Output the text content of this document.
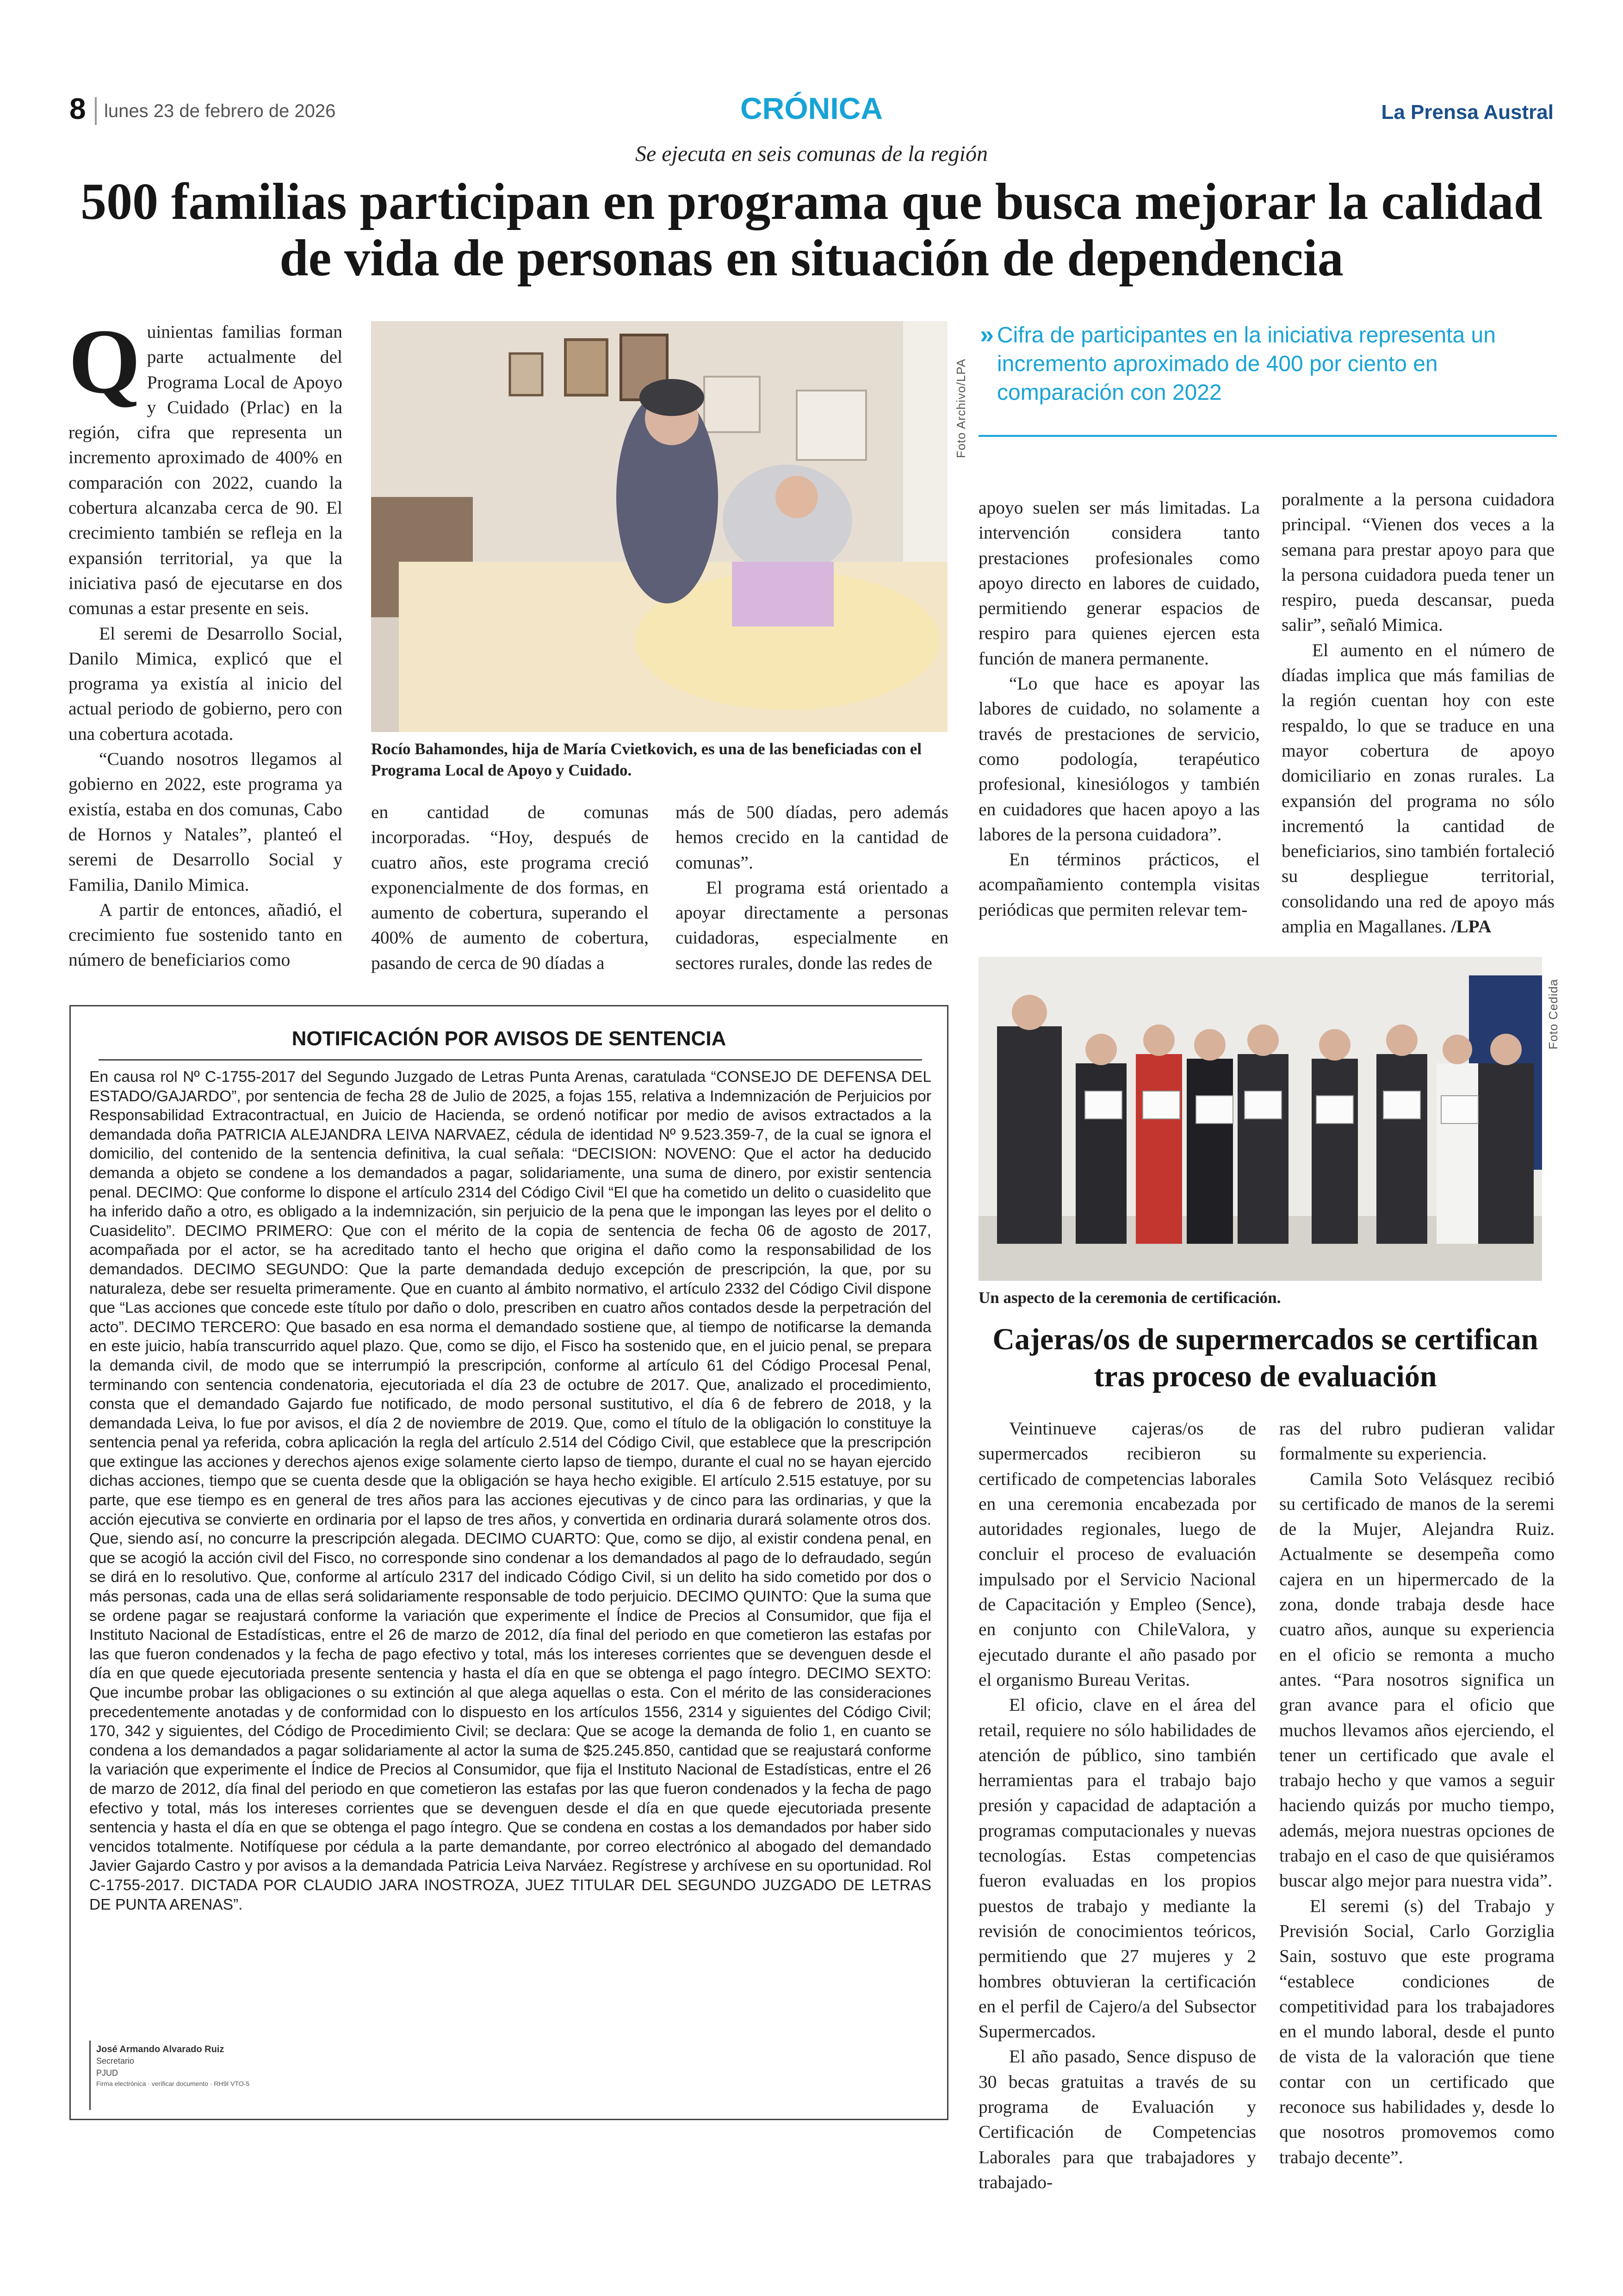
8 lunes 23 de febrero de 2026	CRÓNICA	La Prensa Austral
Se ejecuta en seis comunas de la región
500 familias participan en programa que busca mejorar la calidad de vida de personas en situación de dependencia

Quinientas familias forman parte actualmente del Programa Local de Apoyo y Cuidado (Prlac) en la región, cifra que representa un incremento aproximado de 400% en comparación con 2022, cuando la cobertura alcanzaba cerca de 90. El crecimiento también se refleja en la expansión territorial, ya que la iniciativa pasó de ejecutarse en dos comunas a estar presente en seis.

El seremi de Desarrollo Social, Danilo Mimica, explicó que el programa ya existía al inicio del actual periodo de gobierno, pero con una cobertura acotada.

“Cuando nosotros llegamos al gobierno en 2022, este programa ya existía, estaba en dos comunas, Cabo de Hornos y Natales”, planteó el seremi de Desarrollo Social y Familia, Danilo Mimica.

A partir de entonces, añadió, el crecimiento fue sostenido tanto en número de beneficiarios como

Foto Archivo/LPA
Rocío Bahamondes, hija de María Cvietkovich, es una de las beneficiadas con el Programa Local de Apoyo y Cuidado.

en cantidad de comunas incorporadas. “Hoy, después de cuatro años, este programa creció exponencialmente de dos formas, en aumento de cobertura, superando el 400% de aumento de cobertura, pasando de cerca de 90 díadas a

más de 500 díadas, pero además hemos crecido en la cantidad de comunas”.

El programa está orientado a apoyar directamente a personas cuidadoras, especialmente en sectores rurales, donde las redes de

» Cifra de participantes en la iniciativa representa un incremento aproximado de 400 por ciento en comparación con 2022

apoyo suelen ser más limitadas. La intervención considera tanto prestaciones profesionales como apoyo directo en labores de cuidado, permitiendo generar espacios de respiro para quienes ejercen esta función de manera permanente.

“Lo que hace es apoyar las labores de cuidado, no solamente a través de prestaciones de servicio, como podología, terapéutico profesional, kinesiólogos y también en cuidadores que hacen apoyo a las labores de la persona cuidadora”.

En términos prácticos, el acompañamiento contempla visitas periódicas que permiten relevar tem-

poralmente a la persona cuidadora principal. “Vienen dos veces a la semana para prestar apoyo para que la persona cuidadora pueda tener un respiro, pueda descansar, pueda salir”, señaló Mimica.

El aumento en el número de díadas implica que más familias de la región cuentan hoy con este respaldo, lo que se traduce en una mayor cobertura de apoyo domiciliario en zonas rurales. La expansión del programa no sólo incrementó la cantidad de beneficiarios, sino también fortaleció su despliegue territorial, consolidando una red de apoyo más amplia en Magallanes. /LPA

NOTIFICACIÓN POR AVISOS DE SENTENCIA
En causa rol Nº C-1755-2017 del Segundo Juzgado de Letras Punta Arenas, caratulada “CONSEJO DE DEFENSA DEL ESTADO/GAJARDO”, por sentencia de fecha 28 de Julio de 2025, a fojas 155, relativa a Indemnización de Perjuicios por Responsabilidad Extracontractual, en Juicio de Hacienda, se ordenó notificar por medio de avisos extractados a la demandada doña PATRICIA ALEJANDRA LEIVA NARVAEZ, cédula de identidad Nº 9.523.359-7, de la cual se ignora el domicilio, del contenido de la sentencia definitiva, la cual señala: “DECISION: NOVENO: Que el actor ha deducido demanda a objeto se condene a los demandados a pagar, solidariamente, una suma de dinero, por existir sentencia penal. DECIMO: Que conforme lo dispone el artículo 2314 del Código Civil “El que ha cometido un delito o cuasidelito que ha inferido daño a otro, es obligado a la indemnización, sin perjuicio de la pena que le impongan las leyes por el delito o Cuasidelito”. DECIMO PRIMERO: Que con el mérito de la copia de sentencia de fecha 06 de agosto de 2017, acompañada por el actor, se ha acreditado tanto el hecho que origina el daño como la responsabilidad de los demandados. DECIMO SEGUNDO: Que la parte demandada dedujo excepción de prescripción, la que, por su naturaleza, debe ser resuelta primeramente. Que en cuanto al ámbito normativo, el artículo 2332 del Código Civil dispone que “Las acciones que concede este título por daño o dolo, prescriben en cuatro años contados desde la perpetración del acto”. DECIMO TERCERO: Que basado en esa norma el demandado sostiene que, al tiempo de notificarse la demanda en este juicio, había transcurrido aquel plazo. Que, como se dijo, el Fisco ha sostenido que, en el juicio penal, se prepara la demanda civil, de modo que se interrumpió la prescripción, conforme al artículo 61 del Código Procesal Penal, terminando con sentencia condenatoria, ejecutoriada el día 23 de octubre de 2017. Que, analizado el procedimiento, consta que el demandado Gajardo fue notificado, de modo personal sustitutivo, el día 6 de febrero de 2018, y la demandada Leiva, lo fue por avisos, el día 2 de noviembre de 2019. Que, como el título de la obligación lo constituye la sentencia penal ya referida, cobra aplicación la regla del artículo 2.514 del Código Civil, que establece que la prescripción que extingue las acciones y derechos ajenos exige solamente cierto lapso de tiempo, durante el cual no se hayan ejercido dichas acciones, tiempo que se cuenta desde que la obligación se haya hecho exigible. El artículo 2.515 estatuye, por su parte, que ese tiempo es en general de tres años para las acciones ejecutivas y de cinco para las ordinarias, y que la acción ejecutiva se convierte en ordinaria por el lapso de tres años, y convertida en ordinaria durará solamente otros dos. Que, siendo así, no concurre la prescripción alegada. DECIMO CUARTO: Que, como se dijo, al existir condena penal, en que se acogió la acción civil del Fisco, no corresponde sino condenar a los demandados al pago de lo defraudado, según se dirá en lo resolutivo. Que, conforme al artículo 2317 del indicado Código Civil, si un delito ha sido cometido por dos o más personas, cada una de ellas será solidariamente responsable de todo perjuicio. DECIMO QUINTO: Que la suma que se ordene pagar se reajustará conforme la variación que experimente el Índice de Precios al Consumidor, que fija el Instituto Nacional de Estadísticas, entre el 26 de marzo de 2012, día final del periodo en que cometieron las estafas por las que fueron condenados y la fecha de pago efectivo y total, más los intereses corrientes que se devenguen desde el día en que quede ejecutoriada presente sentencia y hasta el día en que se obtenga el pago íntegro. DECIMO SEXTO: Que incumbe probar las obligaciones o su extinción al que alega aquellas o esta. Con el mérito de las consideraciones precedentemente anotadas y de conformidad con lo dispuesto en los artículos 1556, 2314 y siguientes del Código Civil; 170, 342 y siguientes, del Código de Procedimiento Civil; se declara: Que se acoge la demanda de folio 1, en cuanto se condena a los demandados a pagar solidariamente al actor la suma de $25.245.850, cantidad que se reajustará conforme la variación que experimente el Índice de Precios al Consumidor, que fija el Instituto Nacional de Estadísticas, entre el 26 de marzo de 2012, día final del periodo en que cometieron las estafas por las que fueron condenados y la fecha de pago efectivo y total, más los intereses corrientes que se devenguen desde el día en que quede ejecutoriada presente sentencia y hasta el día en que se obtenga el pago íntegro. Que se condena en costas a los demandados por haber sido vencidos totalmente. Notifíquese por cédula a la parte demandante, por correo electrónico al abogado del demandado Javier Gajardo Castro y por avisos a la demandada Patricia Leiva Narváez. Regístrese y archívese en su oportunidad. Rol C-1755-2017. DICTADA POR CLAUDIO JARA INOSTROZA, JUEZ TITULAR DEL SEGUNDO JUZGADO DE LETRAS DE PUNTA ARENAS”.
José Armando Alvarado Ruiz
Secretario
PJUD
Firma electrónica · verificar documento · RH9I VTO-5
Foto Cedida
Un aspecto de la ceremonia de certificación.
Cajeras/os de supermercados se certifican tras proceso de evaluación

Veintinueve cajeras/os de supermercados recibieron su certificado de competencias laborales en una ceremonia encabezada por autoridades regionales, luego de concluir el proceso de evaluación impulsado por el Servicio Nacional de Capacitación y Empleo (Sence), en conjunto con ChileValora, y ejecutado durante el año pasado por el organismo Bureau Veritas.

El oficio, clave en el área del retail, requiere no sólo habilidades de atención de público, sino también herramientas para el trabajo bajo presión y capacidad de adaptación a programas computacionales y nuevas tecnologías. Estas competencias fueron evaluadas en los propios puestos de trabajo y mediante la revisión de conocimientos teóricos, permitiendo que 27 mujeres y 2 hombres obtuvieran la certificación en el perfil de Cajero/a del Subsector Supermercados.

El año pasado, Sence dispuso de 30 becas gratuitas a través de su programa de Evaluación y Certificación de Competencias Laborales para que trabajadores y trabajado-

ras del rubro pudieran validar formalmente su experiencia.

Camila Soto Velásquez recibió su certificado de manos de la seremi de la Mujer, Alejandra Ruiz. Actualmente se desempeña como cajera en un hipermercado de la zona, donde trabaja desde hace cuatro años, aunque su experiencia en el oficio se remonta a mucho antes. “Para nosotros significa un gran avance para el oficio que muchos llevamos años ejerciendo, el tener un certificado que avale el trabajo hecho y que vamos a seguir haciendo quizás por mucho tiempo, además, mejora nuestras opciones de trabajo en el caso de que quisiéramos buscar algo mejor para nuestra vida”.

El seremi (s) del Trabajo y Previsión Social, Carlo Gorziglia Sain, sostuvo que este programa “establece condiciones de competitividad para los trabajadores en el mundo laboral, desde el punto de vista de la valoración que tiene contar con un certificado que reconoce sus habilidades y, desde lo que nosotros promovemos como trabajo decente”.
